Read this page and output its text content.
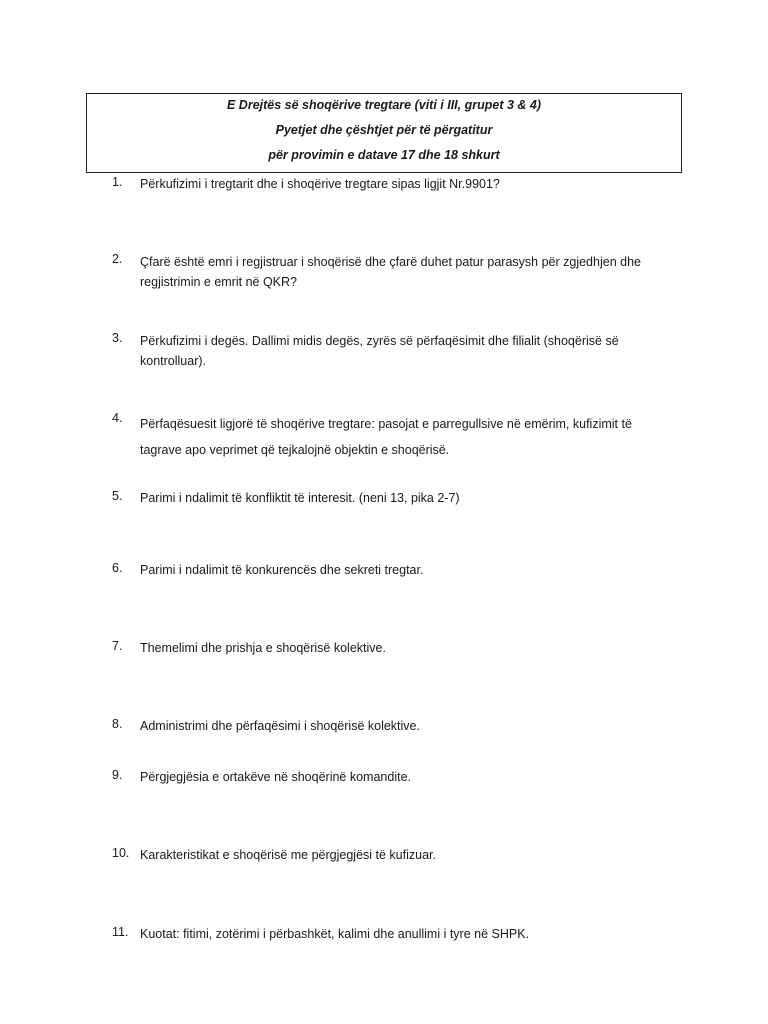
E Drejtës së shoqërive tregtare (viti i III, grupet 3 & 4)
Pyetjet dhe çështjet për të përgatitur
për provimin e datave 17 dhe 18 shkurt
1.	Përkufizimi i tregtarit dhe i shoqërive tregtare sipas ligjit Nr.9901?
2.	Çfarë është emri i regjistruar i shoqërisë dhe çfarë duhet patur parasysh për zgjedhjen dhe
regjistrimin e emrit në QKR?
3.	Përkufizimi i degës. Dallimi midis degës, zyrës së përfaqësimit dhe filialit (shoqërisë së
kontrolluar).
4.	Përfaqësuesit ligjorë të shoqërive tregtare: pasojat e parregullsive në emërim, kufizimit të
tagrave apo veprimet që tejkalojnë objektin e shoqërisë.
5.	Parimi i ndalimit të konfliktit të interesit. (neni 13, pika 2-7)
6.	Parimi i ndalimit të konkurencës dhe sekreti tregtar.
7.	Themelimi dhe prishja e shoqërisë kolektive.
8.	Administrimi dhe përfaqësimi i shoqërisë kolektive.
9.	Përgjegjësia e ortakëve në shoqërinë komandite.
10. Karakteristikat e shoqërisë me përgjegjësi të kufizuar.
11. Kuotat: fitimi, zotërimi i përbashkët, kalimi dhe anullimi i tyre në SHPK.
